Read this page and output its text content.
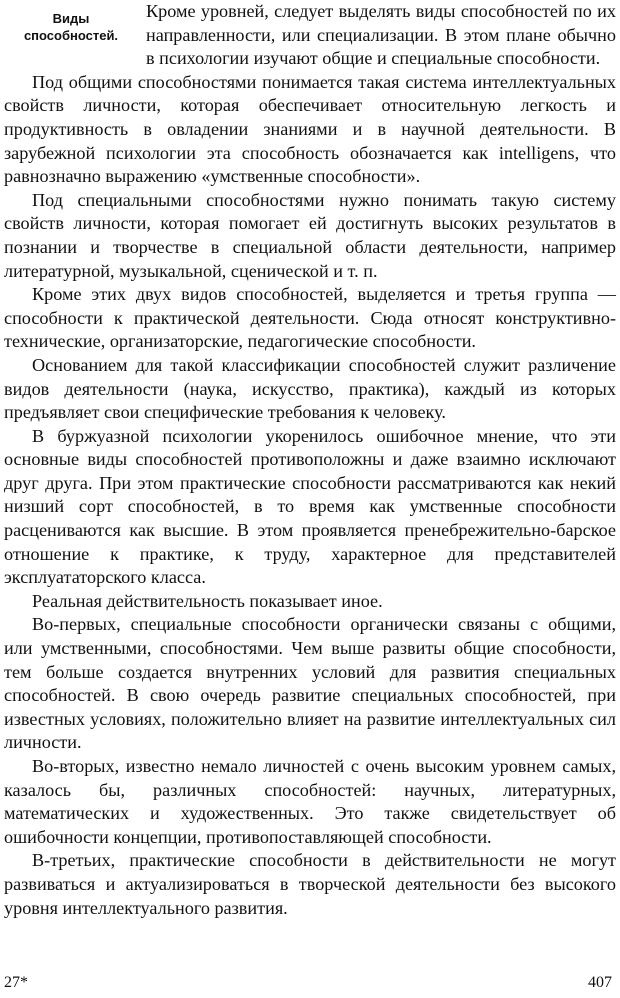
Виды
способностей.

Кроме уровней, следует выделять виды способностей по их направленности, или специализации. В этом плане обычно в психологии изучают общие и специальные способности.

Под общими способностями понимается такая система интеллектуальных свойств личности, которая обеспечивает относительную легкость и продуктивность в овладении знаниями и в научной деятельности. В зарубежной психологии эта способность обозначается как intelligens, что равнозначно выражению «умственные способности».

Под специальными способностями нужно понимать такую систему свойств личности, которая помогает ей достигнуть высоких результатов в познании и творчестве в специальной области деятельности, например литературной, музыкальной, сценической и т. п.

Кроме этих двух видов способностей, выделяется и третья группа — способности к практической деятельности. Сюда относят конструктивно-технические, организаторские, педагогические способности.

Основанием для такой классификации способностей служит различение видов деятельности (наука, искусство, практика), каждый из которых предъявляет свои специфические требования к человеку.

В буржуазной психологии укоренилось ошибочное мнение, что эти основные виды способностей противоположны и даже взаимно исключают друг друга. При этом практические способности рассматриваются как некий низший сорт способностей, в то время как умственные способности расцениваются как высшие. В этом проявляется пренебрежительно-барское отношение к практике, к труду, характерное для представителей эксплуататорского класса.

Реальная действительность показывает иное.

Во-первых, специальные способности органически связаны с общими, или умственными, способностями. Чем выше развиты общие способности, тем больше создается внутренних условий для развития специальных способностей. В свою очередь развитие специальных способностей, при известных условиях, положительно влияет на развитие интеллектуальных сил личности.

Во-вторых, известно немало личностей с очень высоким уровнем самых, казалось бы, различных способностей: научных, литературных, математических и художественных. Это также свидетельствует об ошибочности концепции, противопоставляющей способности.

В-третьих, практические способности в действительности не могут развиваться и актуализироваться в творческой деятельности без высокого уровня интеллектуального развития.

27*	407
